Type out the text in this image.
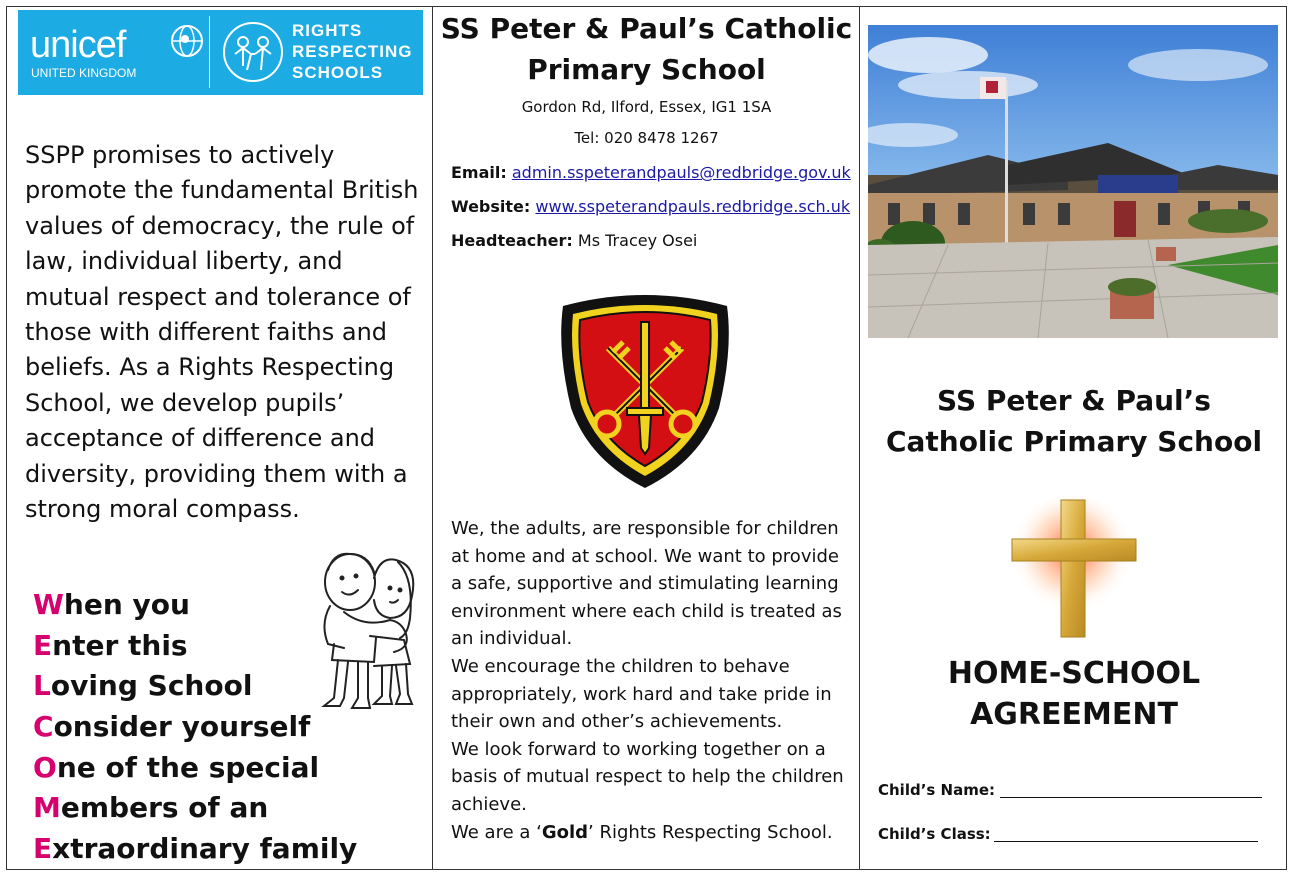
unicef
UNITED KINGDOM
RIGHTS
RESPECTING
SCHOOLS
SSPP promises to actively promote the fundamental British values of democracy, the rule of law, individual liberty, and mutual respect and tolerance of those with different faiths and beliefs. As a Rights Respecting School, we develop pupils’ acceptance of difference and diversity, providing them with a strong moral compass.
When you
Enter this
Loving School
Consider yourself
One of the special
Members of an
Extraordinary family
SS Peter & Paul’s Catholic
Primary School
Gordon Rd, Ilford, Essex, IG1 1SA
Tel: 020 8478 1267
Email: admin.sspeterandpauls@redbridge.gov.uk
Website: www.sspeterandpauls.redbridge.sch.uk
Headteacher: Ms Tracey Osei

We, the adults, are responsible for children at home and at school. We want to provide a safe, supportive and stimulating learning environment where each child is treated as an individual.

We encourage the children to behave appropriately, work hard and take pride in their own and other’s achievements.

We look forward to working together on a basis of mutual respect to help the children achieve.

We are a ‘Gold’ Rights Respecting School.

SS Peter & Paul’s
Catholic Primary School
HOME-SCHOOL
AGREEMENT
Child’s Name:
Child’s Class:
